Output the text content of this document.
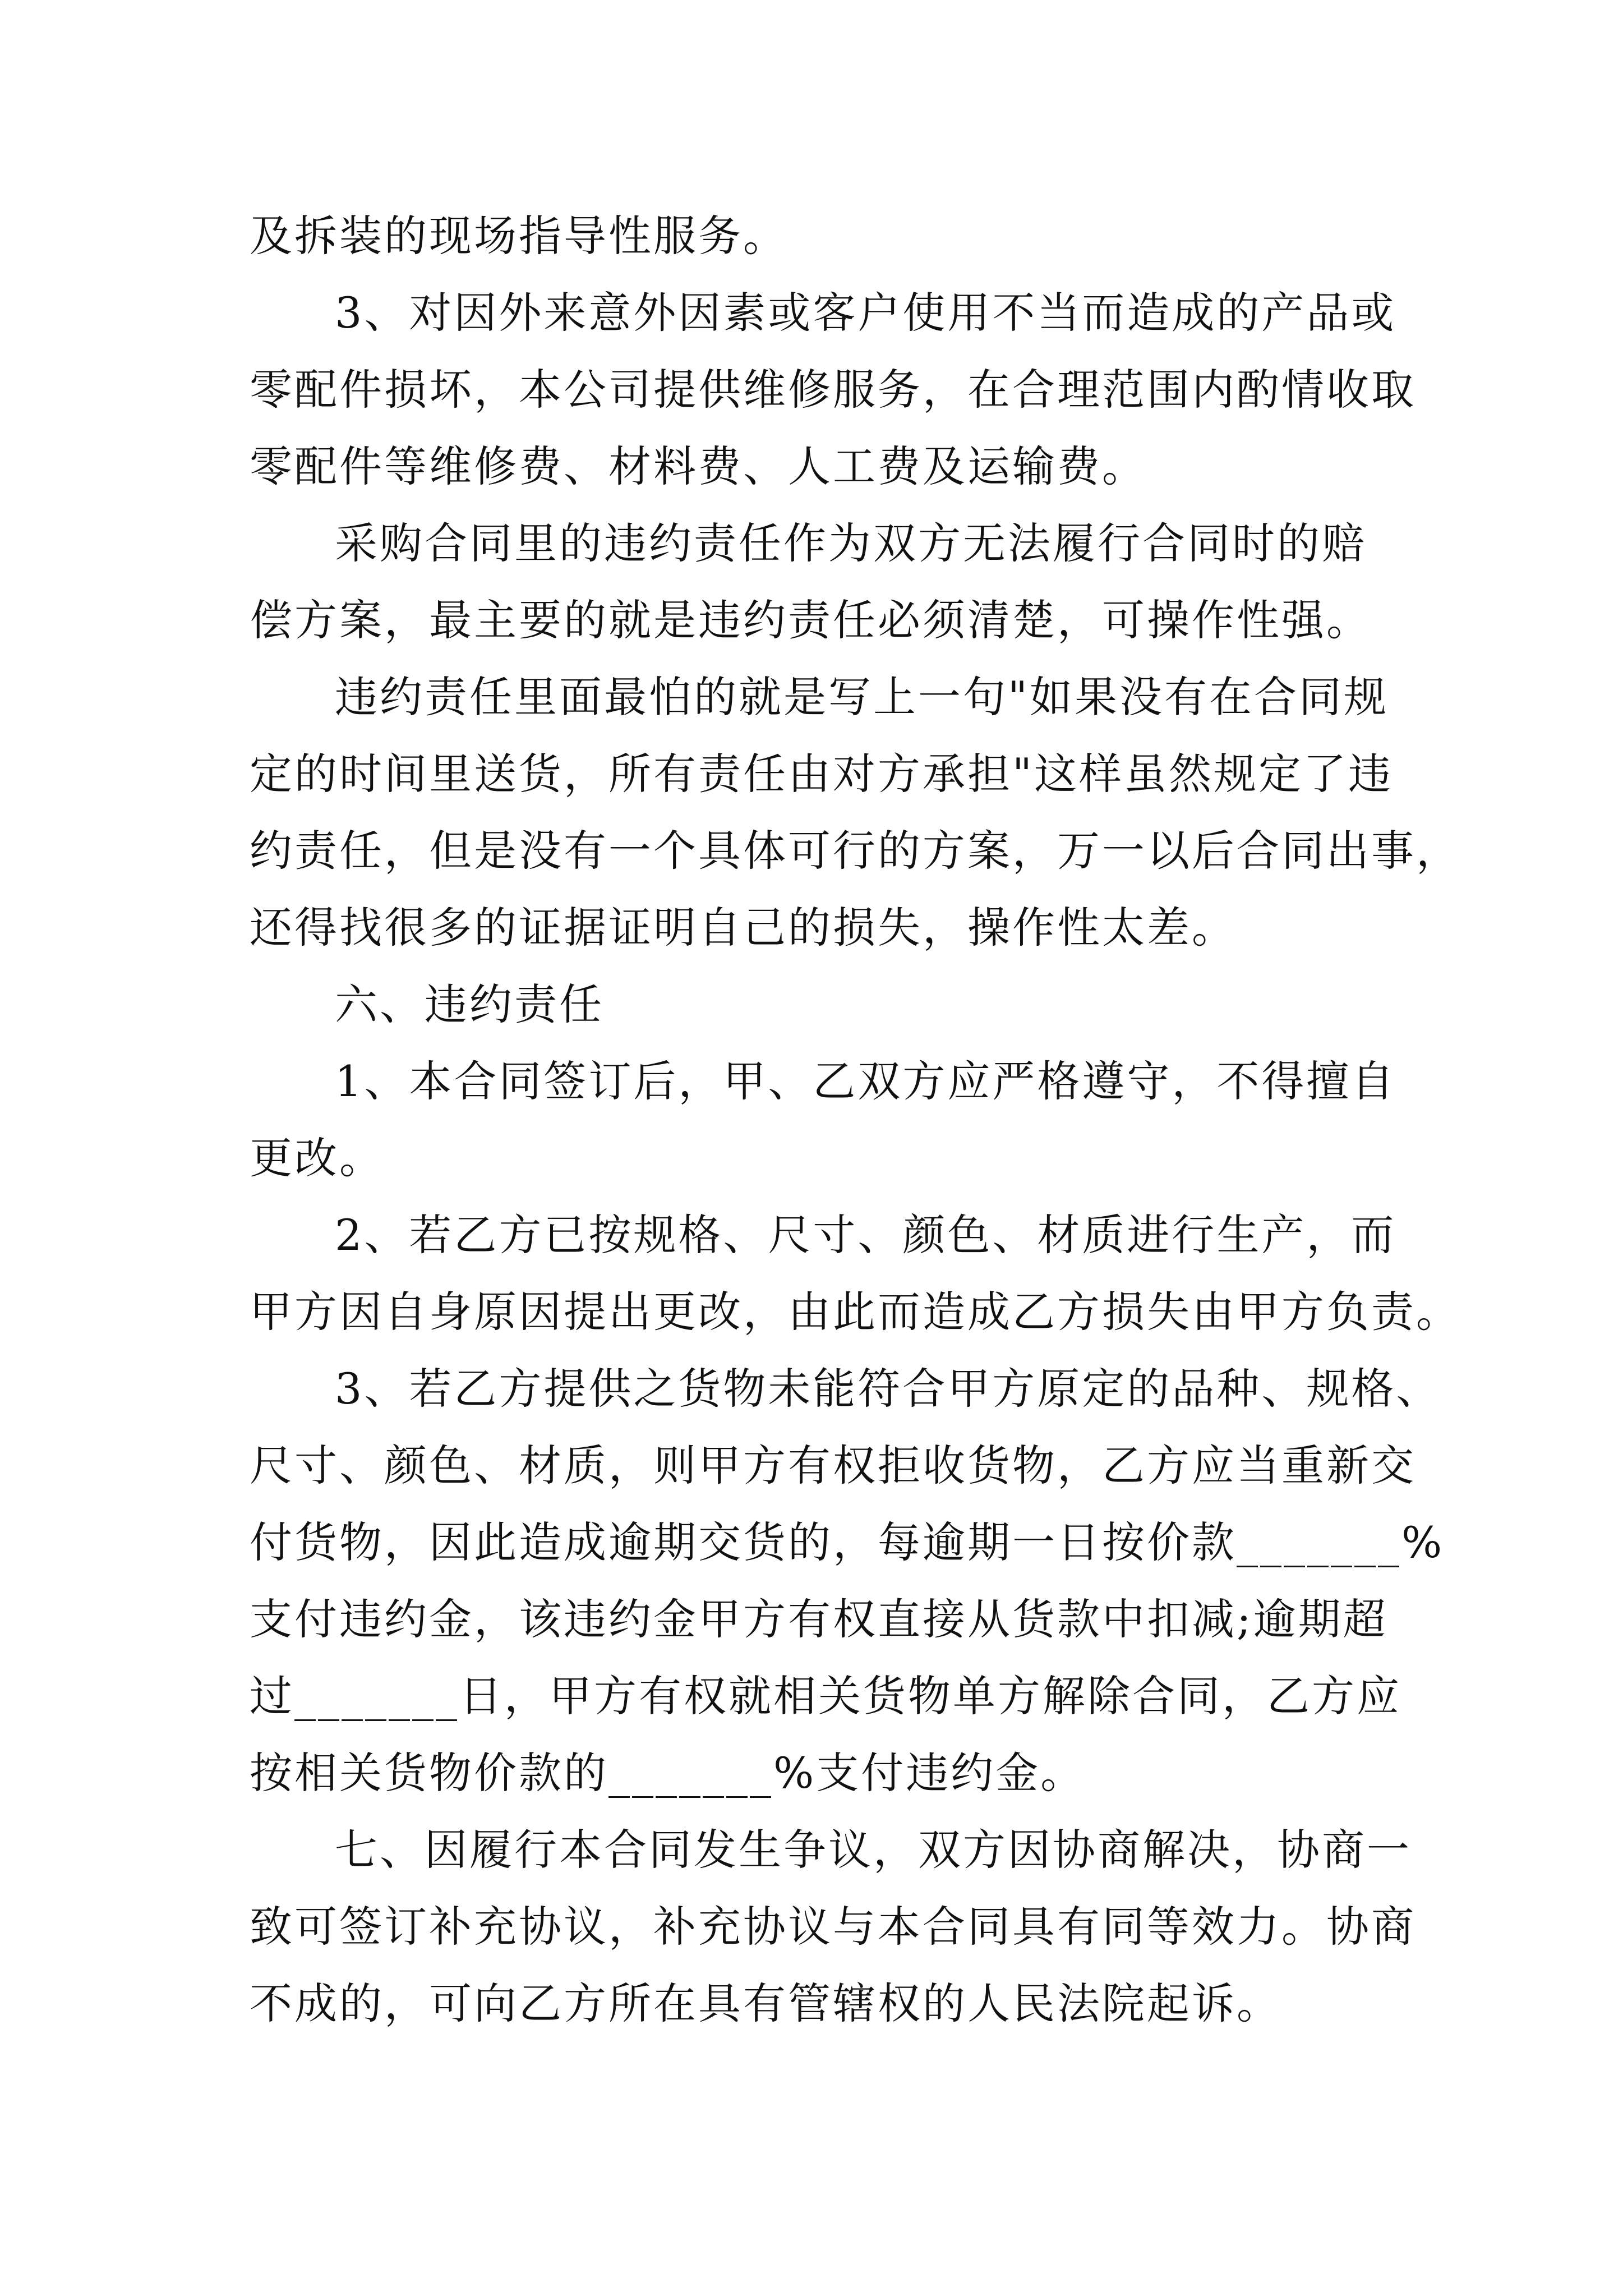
及拆装的现场指导性服务。

3、对因外来意外因素或客户使用不当而造成的产品或
零配件损坏，本公司提供维修服务，在合理范围内酌情收取
零配件等维修费、材料费、人工费及运输费。

采购合同里的违约责任作为双方无法履行合同时的赔
偿方案，最主要的就是违约责任必须清楚，可操作性强。

违约责任里面最怕的就是写上一句"如果没有在合同规
定的时间里送货，所有责任由对方承担"这样虽然规定了违
约责任，但是没有一个具体可行的方案，万一以后合同出事，
还得找很多的证据证明自己的损失，操作性太差。

六、违约责任

1、本合同签订后，甲、乙双方应严格遵守，不得擅自
更改。

2、若乙方已按规格、尺寸、颜色、材质进行生产，而
甲方因自身原因提出更改，由此而造成乙方损失由甲方负责。

3、若乙方提供之货物未能符合甲方原定的品种、规格、
尺寸、颜色、材质，则甲方有权拒收货物，乙方应当重新交
付货物，因此造成逾期交货的，每逾期一日按价款_______%
支付违约金，该违约金甲方有权直接从货款中扣减;逾期超
过_______日，甲方有权就相关货物单方解除合同，乙方应
按相关货物价款的_______%支付违约金。

七、因履行本合同发生争议，双方因协商解决，协商一
致可签订补充协议，补充协议与本合同具有同等效力。协商
不成的，可向乙方所在具有管辖权的人民法院起诉。
